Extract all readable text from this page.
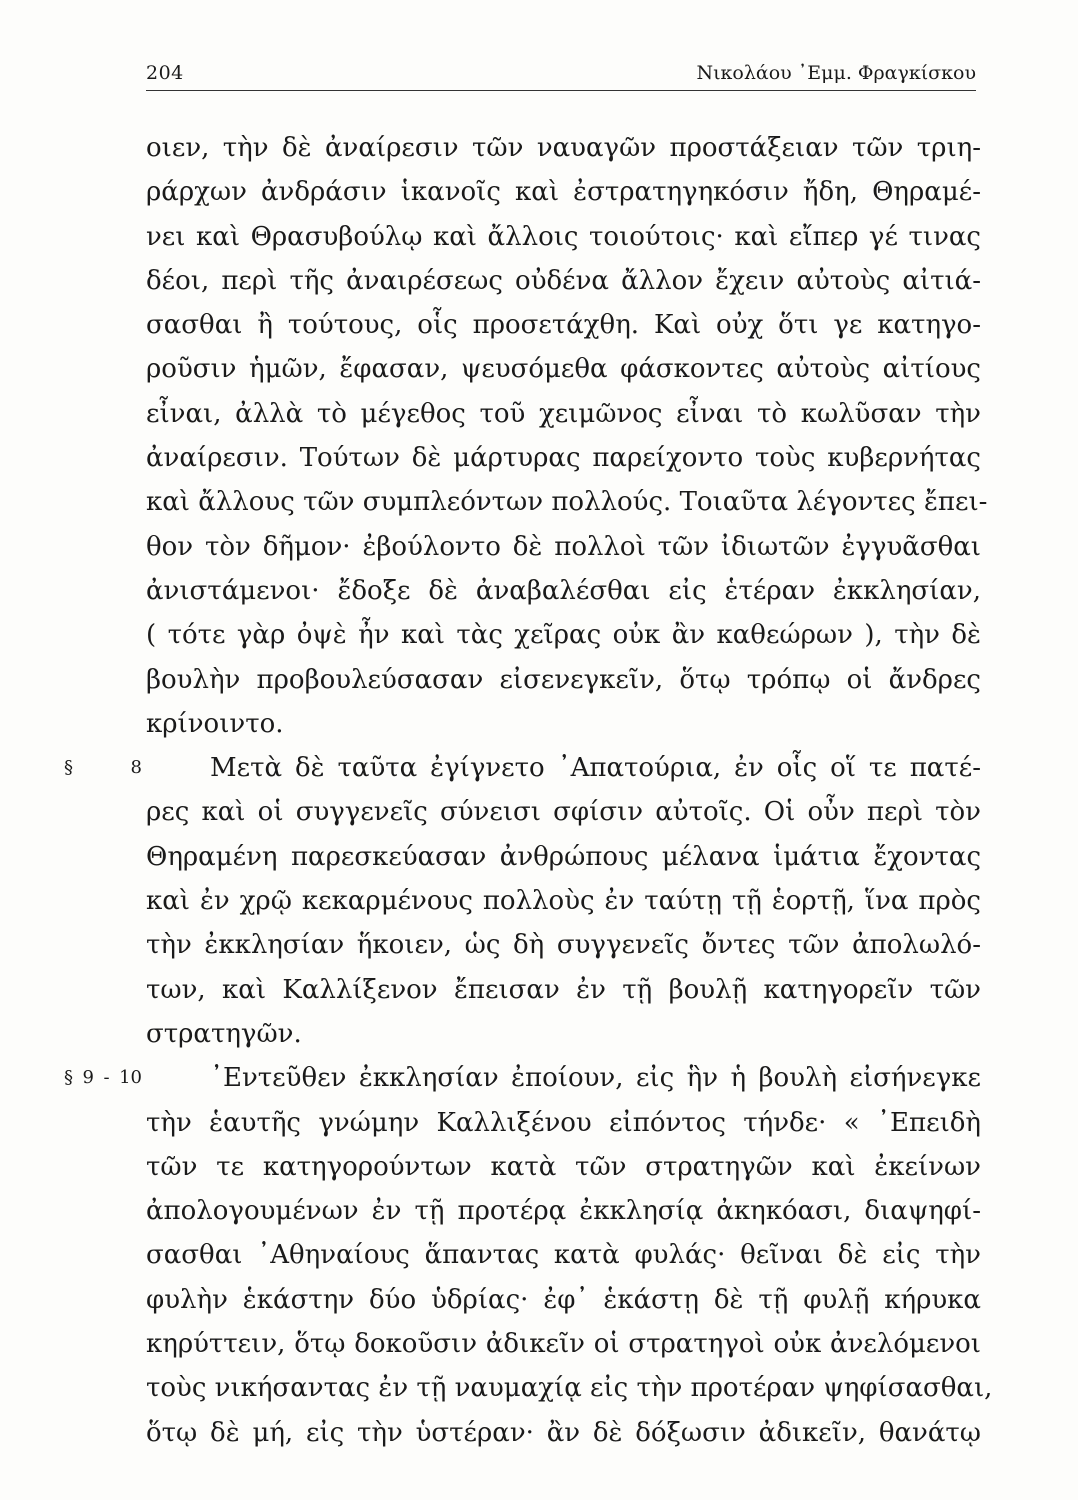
204	Νικολάου ᾿Εμμ. Φραγκίσκου
οιεν, τὴν δὲ ἀναίρεσιν τῶν ναυαγῶν προστάξειαν τῶν τριη-
ράρχων ἀνδράσιν ἱκανοῖς καὶ ἐστρατηγηκόσιν ἤδη, Θηραμέ-
νει καὶ Θρασυβούλῳ καὶ ἄλλοις τοιούτοις· καὶ εἴπερ γέ τινας
δέοι, περὶ τῆς ἀναιρέσεως οὐδένα ἄλλον ἔχειν αὐτοὺς αἰτιά-
σασθαι ἢ τούτους, οἷς προσετάχθη. Καὶ οὐχ ὅτι γε κατηγο-
ροῦσιν ἡμῶν, ἔφασαν, ψευσόμεθα φάσκοντες αὐτοὺς αἰτίους
εἶναι, ἀλλὰ τὸ μέγεθος τοῦ χειμῶνος εἶναι τὸ κωλῦσαν τὴν
ἀναίρεσιν. Τούτων δὲ μάρτυρας παρείχοντο τοὺς κυβερνήτας
καὶ ἄλλους τῶν συμπλεόντων πολλούς. Τοιαῦτα λέγοντες ἔπει-
θον τὸν δῆμον· ἐβούλοντο δὲ πολλοὶ τῶν ἰδιωτῶν ἐγγυᾶσθαι
ἀνιστάμενοι· ἔδοξε δὲ ἀναβαλέσθαι εἰς ἑτέραν ἐκκλησίαν,
( τότε γὰρ ὀψὲ ἦν καὶ τὰς χεῖρας οὐκ ἂν καθεώρων ), τὴν δὲ
βουλὴν προβουλεύσασαν εἰσενεγκεῖν, ὅτῳ τρόπῳ οἱ ἄνδρες
κρίνοιντο.
§ 8	Μετὰ δὲ ταῦτα ἐγίγνετο ᾿Απατούρια, ἐν οἷς οἵ τε πατέ-
ρες καὶ οἱ συγγενεῖς σύνεισι σφίσιν αὐτοῖς. Οἱ οὖν περὶ τὸν
Θηραμένη παρεσκεύασαν ἀνθρώπους μέλανα ἱμάτια ἔχοντας
καὶ ἐν χρῷ κεκαρμένους πολλοὺς ἐν ταύτῃ τῇ ἑορτῇ, ἵνα πρὸς
τὴν ἐκκλησίαν ἥκοιεν, ὡς δὴ συγγενεῖς ὄντες τῶν ἀπολωλό-
των, καὶ Καλλίξενον ἔπεισαν ἐν τῇ βουλῇ κατηγορεῖν τῶν
στρατηγῶν.
§ 9 - 10	᾿Εντεῦθεν ἐκκλησίαν ἐποίουν, εἰς ἣν ἡ βουλὴ εἰσήνεγκε
τὴν ἑαυτῆς γνώμην Καλλιξένου εἰπόντος τήνδε· « ᾿Επειδὴ
τῶν τε κατηγορούντων κατὰ τῶν στρατηγῶν καὶ ἐκείνων
ἀπολογουμένων ἐν τῇ προτέρᾳ ἐκκλησίᾳ ἀκηκόασι, διαψηφί-
σασθαι ᾿Αθηναίους ἅπαντας κατὰ φυλάς· θεῖναι δὲ εἰς τὴν
φυλὴν ἑκάστην δύο ὑδρίας· ἐφ᾿ ἑκάστῃ δὲ τῇ φυλῇ κήρυκα
κηρύττειν, ὅτῳ δοκοῦσιν ἀδικεῖν οἱ στρατηγοὶ οὐκ ἀνελόμενοι
τοὺς νικήσαντας ἐν τῇ ναυμαχίᾳ εἰς τὴν προτέραν ψηφίσασθαι,
ὅτῳ δὲ μή, εἰς τὴν ὑστέραν· ἂν δὲ δόξωσιν ἀδικεῖν, θανάτῳ
